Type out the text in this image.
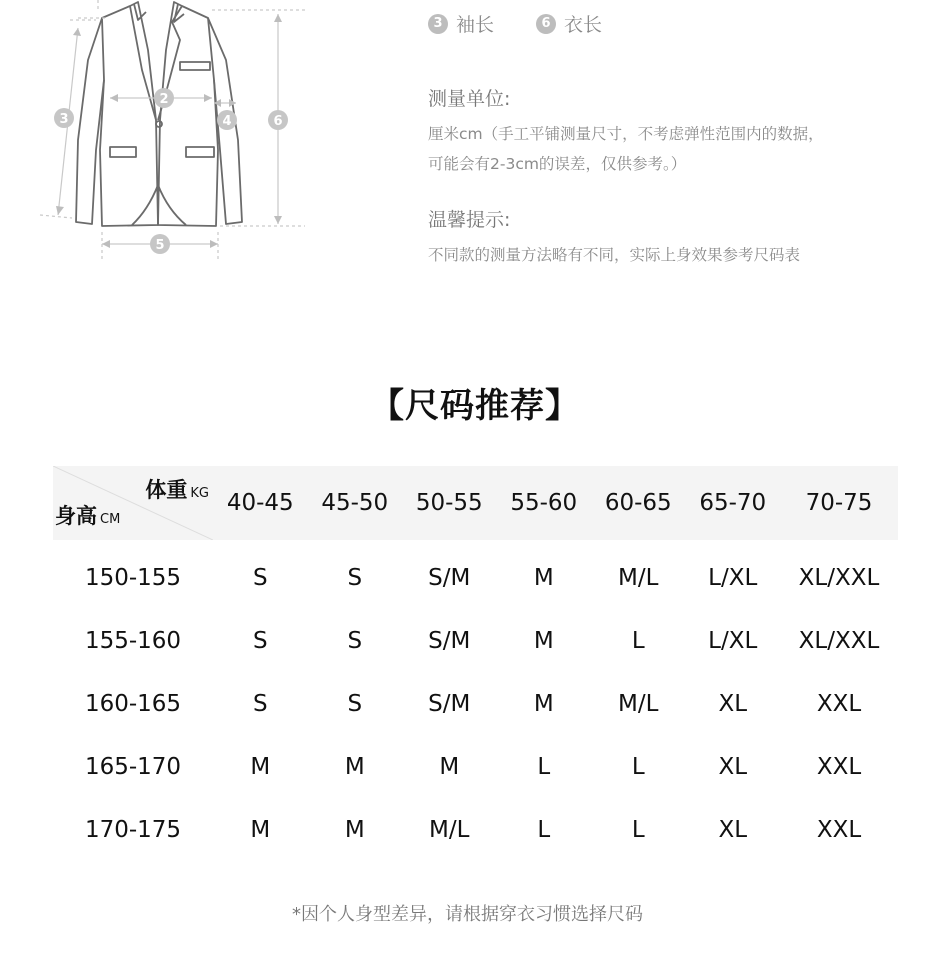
2
3	4
5
6
3 袖长	6 衣长
测量单位:
厘米cm（手工平铺测量尺寸，不考虑弹性范围内的数据，
可能会有2-3cm的误差，仅供参考。）
温馨提示:
不同款的测量方法略有不同，实际上身效果参考尺码表
【尺码推荐】
体重 KG
身高 CM
40-45	45-50	50-55	55-60	60-65	65-70	70-75
150-155	S	S	S/M	M	M/L	L/XL	XL/XXL
155-160	S	S	S/M	M	L	L/XL	XL/XXL
160-165	S	S	S/M	M	M/L	XL	XXL
165-170	M	M	M	L	L	XL	XXL
170-175	M	M	M/L	L	L	XL	XXL
*因个人身型差异，请根据穿衣习惯选择尺码
